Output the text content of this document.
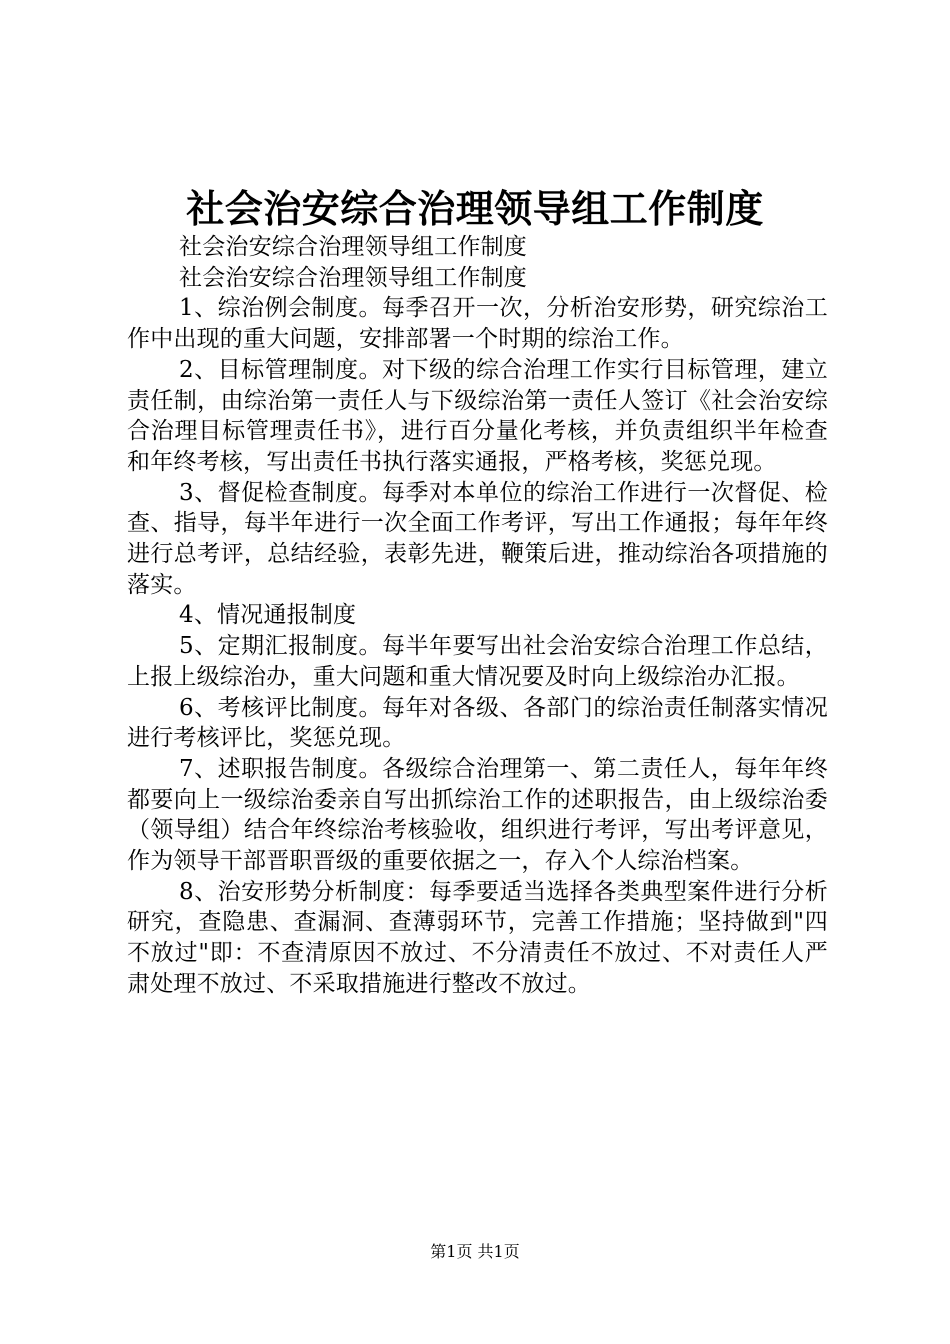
社会治安综合治理领导组工作制度

社会治安综合治理领导组工作制度

社会治安综合治理领导组工作制度

1、综治例会制度。每季召开一次，分析治安形势，研究综治工作中出现的重大问题，安排部署一个时期的综治工作。

2、目标管理制度。对下级的综合治理工作实行目标管理，建立责任制，由综治第一责任人与下级综治第一责任人签订《社会治安综合治理目标管理责任书》，进行百分量化考核，并负责组织半年检查和年终考核，写出责任书执行落实通报，严格考核，奖惩兑现。

3、督促检查制度。每季对本单位的综治工作进行一次督促、检查、指导，每半年进行一次全面工作考评，写出工作通报；每年年终进行总考评，总结经验，表彰先进，鞭策后进，推动综治各项措施的落实。

4、情况通报制度

5、定期汇报制度。每半年要写出社会治安综合治理工作总结，上报上级综治办，重大问题和重大情况要及时向上级综治办汇报。

6、考核评比制度。每年对各级、各部门的综治责任制落实情况进行考核评比，奖惩兑现。

7、述职报告制度。各级综合治理第一、第二责任人，每年年终都要向上一级综治委亲自写出抓综治工作的述职报告，由上级综治委（领导组）结合年终综治考核验收，组织进行考评，写出考评意见，作为领导干部晋职晋级的重要依据之一，存入个人综治档案。

8、治安形势分析制度：每季要适当选择各类典型案件进行分析研究，查隐患、查漏洞、查薄弱环节，完善工作措施；坚持做到"四不放过"即：不查清原因不放过、不分清责任不放过、不对责任人严肃处理不放过、不采取措施进行整改不放过。

第1页 共1页
